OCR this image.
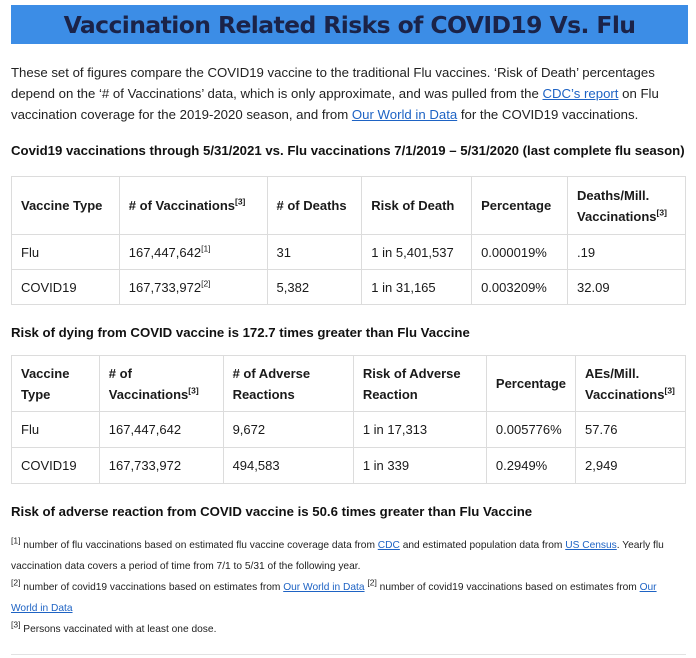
Vaccination Related Risks of COVID19 Vs. Flu

These set of figures compare the COVID19 vaccine to the traditional Flu vaccines. ‘Risk of Death’ percentages depend on the ‘# of Vaccinations’ data, which is only approximate, and was pulled from the CDC’s report on Flu vaccination coverage for the 2019-2020 season, and from Our World in Data for the COVID19 vaccinations.

Covid19 vaccinations through 5/31/2021 vs. Flu vaccinations 7/1/2019 – 5/31/2020 (last complete flu season)
Vaccine Type	# of Vaccinations[3]	# of Deaths	Risk of Death	Percentage	Deaths/Mill. Vaccinations[3]
Flu	167,447,642[1]	31	1 in 5,401,537	0.000019%	.19
COVID19	167,733,972[2]	5,382	1 in 31,165	0.003209%	32.09
Risk of dying from COVID vaccine is 172.7 times greater than Flu Vaccine
Vaccine Type	# of Vaccinations[3]	# of Adverse Reactions	Risk of Adverse Reaction	Percentage	AEs/Mill. Vaccinations[3]
Flu	167,447,642	9,672	1 in 17,313	0.005776%	57.76
COVID19	167,733,972	494,583	1 in 339	0.2949%	2,949
Risk of adverse reaction from COVID vaccine is 50.6 times greater than Flu Vaccine

[1] number of flu vaccinations based on estimated flu vaccine coverage data from CDC and estimated population data from US Census. Yearly flu vaccination data covers a period of time from 7/1 to 5/31 of the following year.

[2] number of covid19 vaccinations based on estimates from Our World in Data [2] number of covid19 vaccinations based on estimates from Our World in Data

[3] Persons vaccinated with at least one dose.
